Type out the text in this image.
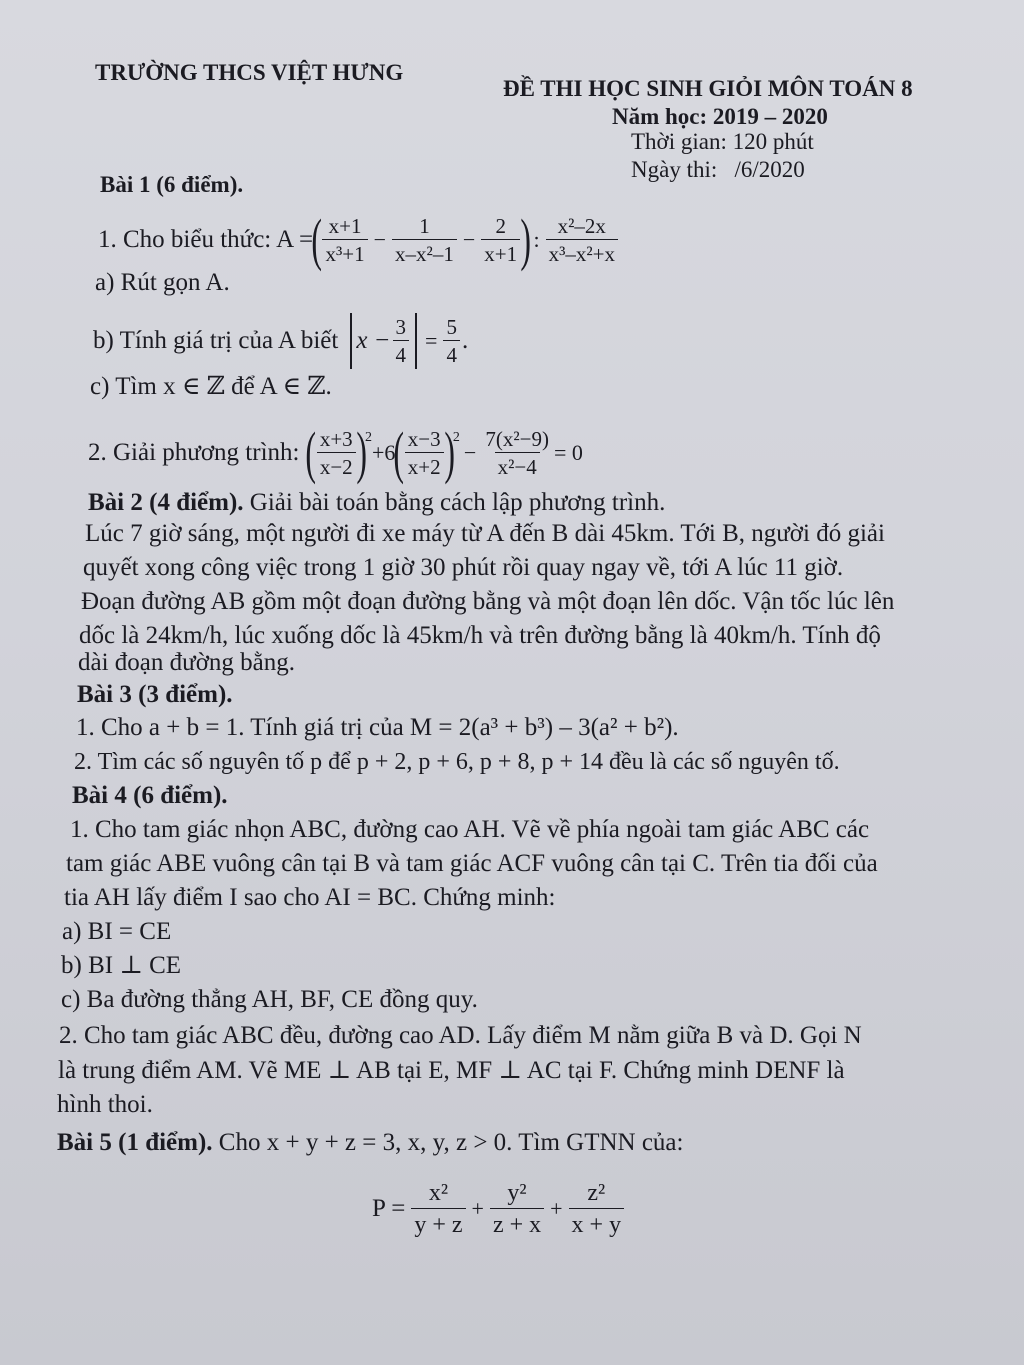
TRƯỜNG THCS VIỆT HƯNG
ĐỀ THI HỌC SINH GIỎI MÔN TOÁN 8
Năm học: 2019 – 2020
Thời gian: 120 phút
Ngày thi:   /6/2020
Bài 1 (6 điểm).
1. Cho biểu thức: A =
( $\frac{x+1}{\text{x³+1}} - \frac{1}{\text{x–x²–1}} - \frac{2}{x+1}$ ) : $\frac{\text{x²–2x}}{\text{x³–x²+x}}$
a) Rút gọn A.
b) Tính giá trị của A biết $x - \frac{3}{4} = \frac{5}{4}$ .
c) Tìm x ∈ ℤ để A ∈ ℤ.
2. Giải phương trình: ( $\frac{x+3}{x-2}$ )
2
+6
( $\frac{x-3}{x+2}$ )
2
− $\frac{\text{7(x²−9)}}{\text{x²−4}} = 0$
Bài 2 (4 điểm). Giải bài toán bằng cách lập phương trình.
Lúc 7 giờ sáng, một người đi xe máy từ A đến B dài 45km. Tới B, người đó giải
quyết xong công việc trong 1 giờ 30 phút rồi quay ngay về, tới A lúc 11 giờ.
Đoạn đường AB gồm một đoạn đường bằng và một đoạn lên dốc. Vận tốc lúc lên
dốc là 24km/h, lúc xuống dốc là 45km/h và trên đường bằng là 40km/h. Tính độ
dài đoạn đường bằng.
Bài 3 (3 điểm).
1. Cho a + b = 1. Tính giá trị của M = 2(a³ + b³) – 3(a² + b²).
2. Tìm các số nguyên tố p để p + 2, p + 6, p + 8, p + 14 đều là các số nguyên tố.
Bài 4 (6 điểm).
1. Cho tam giác nhọn ABC, đường cao AH. Vẽ về phía ngoài tam giác ABC các
tam giác ABE vuông cân tại B và tam giác ACF vuông cân tại C. Trên tia đối của
tia AH lấy điểm I sao cho AI = BC. Chứng minh:
a) BI = CE
b) BI ⊥ CE
c) Ba đường thẳng AH, BF, CE đồng quy.
2. Cho tam giác ABC đều, đường cao AD. Lấy điểm M nằm giữa B và D. Gọi N
là trung điểm AM. Vẽ ME ⊥ AB tại E, MF ⊥ AC tại F. Chứng minh DENF là
hình thoi.
Bài 5 (1 điểm). Cho x + y + z = 3, x, y, z > 0. Tìm GTNN của:
$P = \frac{\text{x²}}{y + z} + \frac{\text{y²}}{z + x} + \frac{\text{z²}}{x + y}$
